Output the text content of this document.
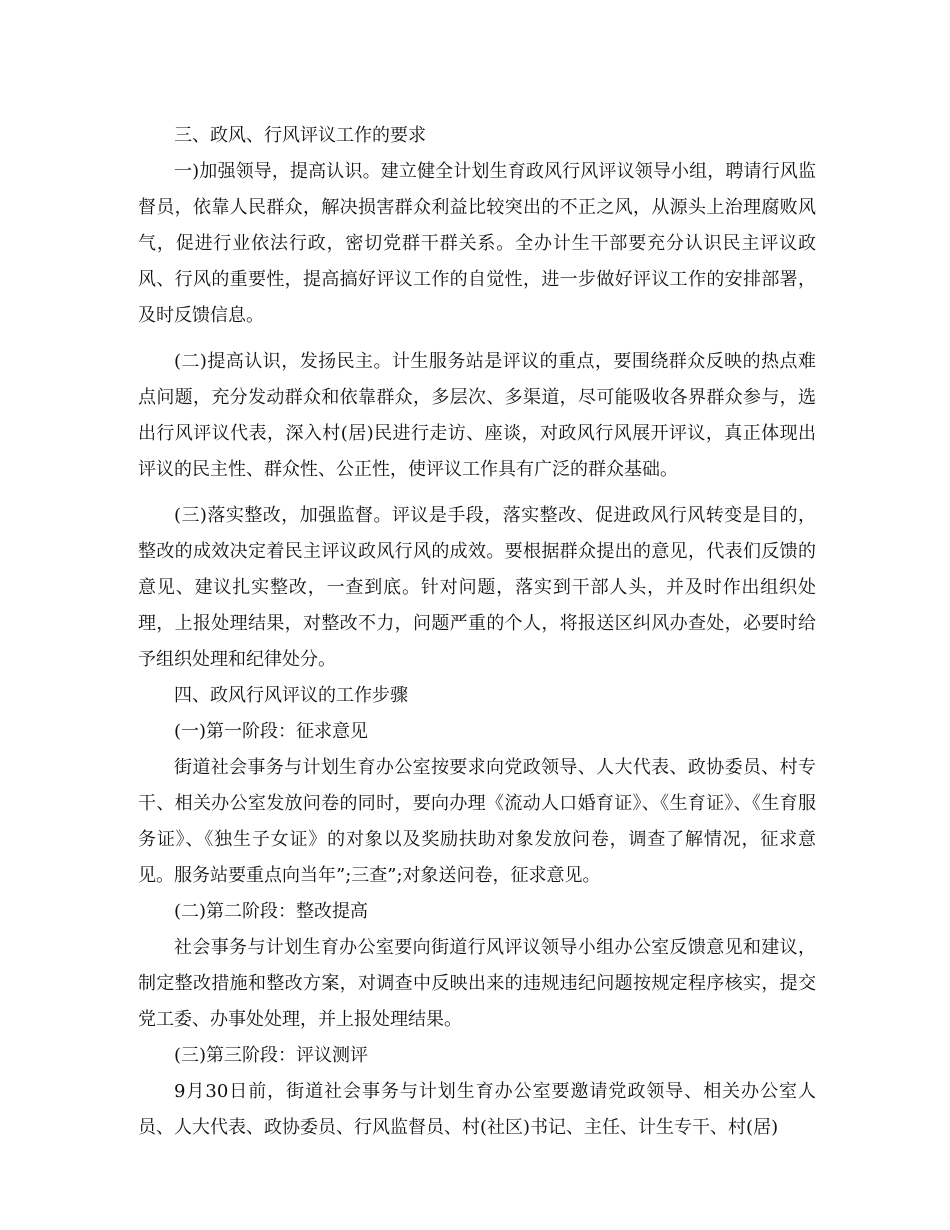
三、政风、行风评议工作的要求
一)加强领导，提高认识。建立健全计划生育政风行风评议领导小组，聘请行风监督员，依靠人民群众，解决损害群众利益比较突出的不正之风，从源头上治理腐败风气，促进行业依法行政，密切党群干群关系。全办计生干部要充分认识民主评议政风、行风的重要性，提高搞好评议工作的自觉性，进一步做好评议工作的安排部署，及时反馈信息。
(二)提高认识，发扬民主。计生服务站是评议的重点，要围绕群众反映的热点难点问题，充分发动群众和依靠群众，多层次、多渠道，尽可能吸收各界群众参与，选出行风评议代表，深入村(居)民进行走访、座谈，对政风行风展开评议，真正体现出评议的民主性、群众性、公正性，使评议工作具有广泛的群众基础。
(三)落实整改，加强监督。评议是手段，落实整改、促进政风行风转变是目的，整改的成效决定着民主评议政风行风的成效。要根据群众提出的意见，代表们反馈的意见、建议扎实整改，一查到底。针对问题，落实到干部人头，并及时作出组织处理，上报处理结果，对整改不力，问题严重的个人，将报送区纠风办查处，必要时给予组织处理和纪律处分。
四、政风行风评议的工作步骤
(一)第一阶段：征求意见
街道社会事务与计划生育办公室按要求向党政领导、人大代表、政协委员、村专干、相关办公室发放问卷的同时，要向办理《流动人口婚育证》、《生育证》、《生育服务证》、《独生子女证》的对象以及奖励扶助对象发放问卷，调查了解情况，征求意见。服务站要重点向当年”;三查”;对象送问卷，征求意见。
(二)第二阶段：整改提高
社会事务与计划生育办公室要向街道行风评议领导小组办公室反馈意见和建议，制定整改措施和整改方案，对调查中反映出来的违规违纪问题按规定程序核实，提交党工委、办事处处理，并上报处理结果。
(三)第三阶段：评议测评
9月30日前，街道社会事务与计划生育办公室要邀请党政领导、相关办公室人员、人大代表、政协委员、行风监督员、村(社区)书记、主任、计生专干、村(居)
